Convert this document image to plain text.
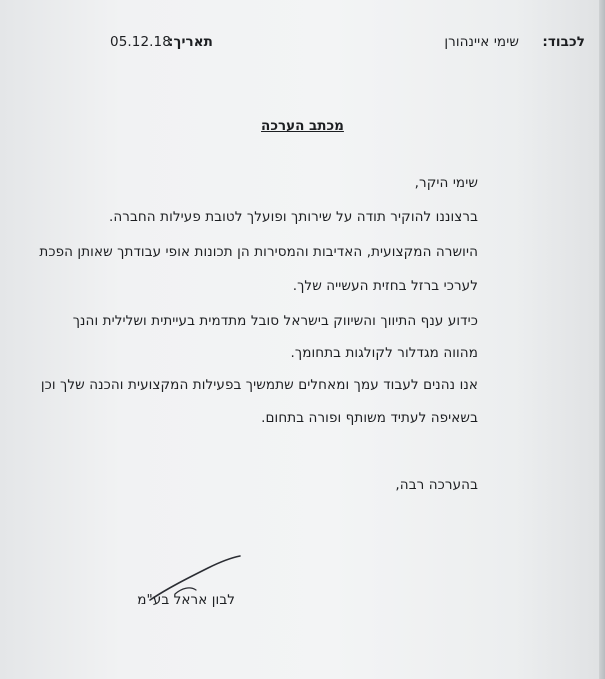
לכבוד:
שימי איינהורן
תאריך:
05.12.18
מכתב הערכה
שימי היקר,
ברצוננו להוקיר תודה על שירותך ופועלך לטובת פעילות החברה.
היושרה המקצועית, האדיבות והמסירות הן תכונות אופי עבודתך שאותן הפכת
לערכי ברזל בחזית העשייה שלך.
כידוע ענף התיווך והשיווק בישראל סובל מתדמית בעייתית ושלילית והנך
מהווה מגדלור לקולגות בתחומך.
אנו נהנים לעבוד עמך ומאחלים שתמשיך בפעילות המקצועית והכנה שלך וכן
בשאיפה לעתיד משותף ופורה בתחום.
בהערכה רבה,
לבון אראל בע"מ
